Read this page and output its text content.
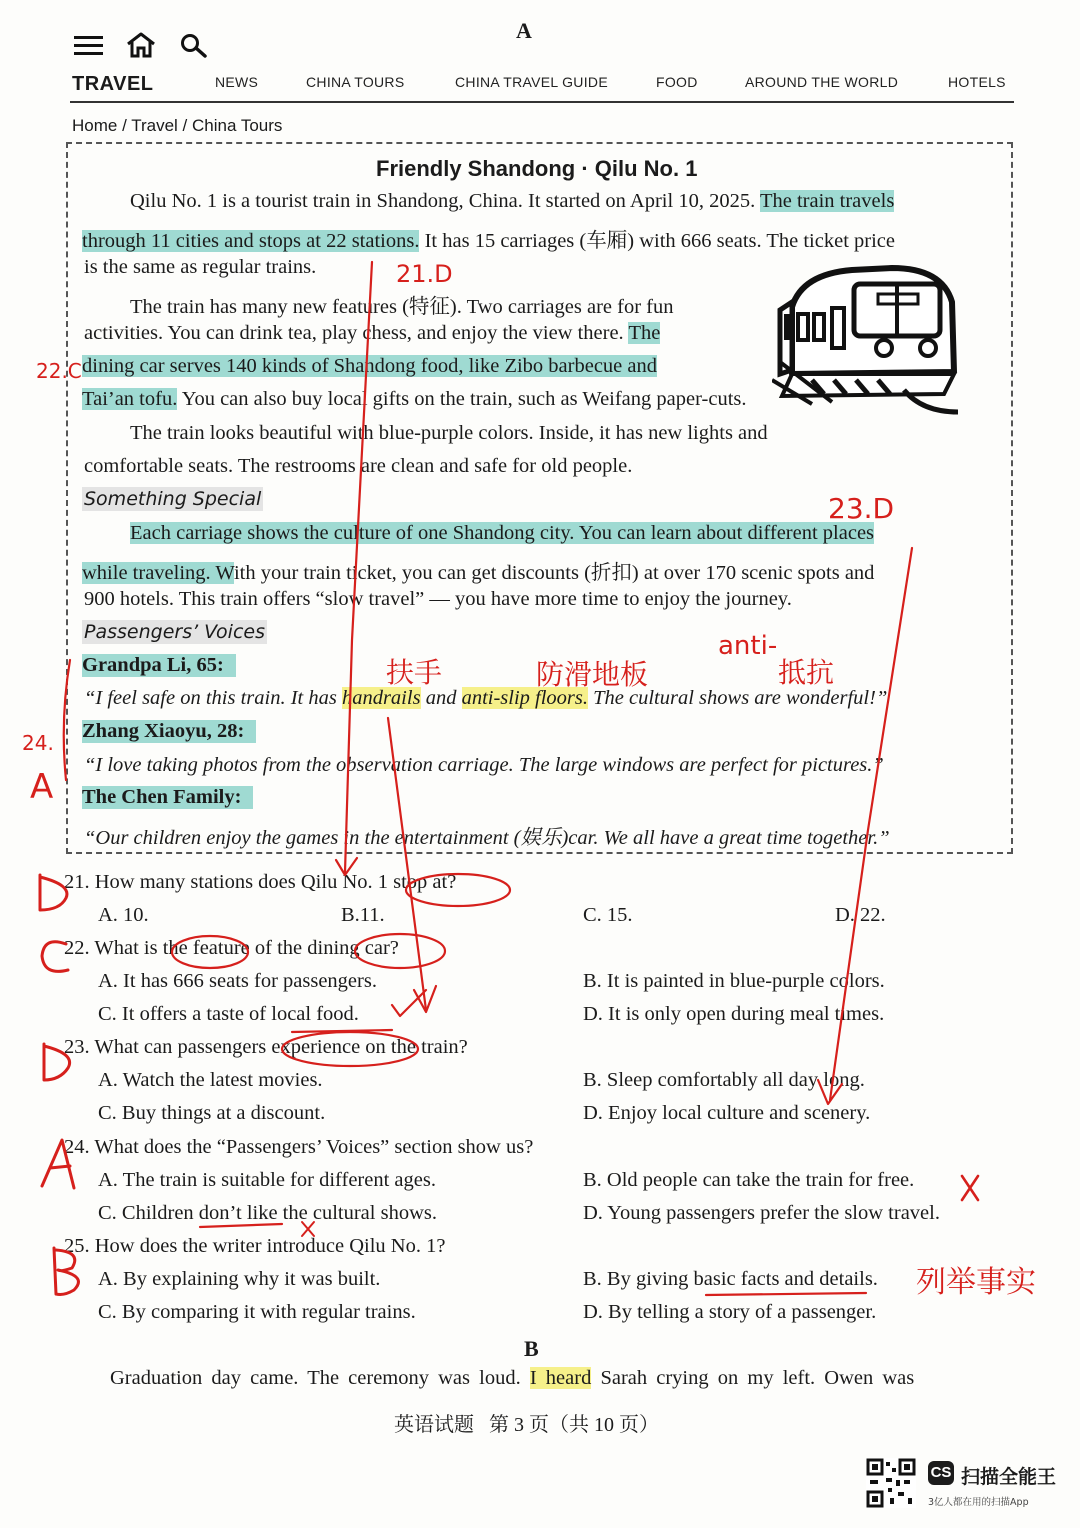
A
TRAVEL	NEWS	CHINA TOURS	CHINA TRAVEL GUIDE	FOOD	AROUND THE WORLD	HOTELS
Home / Travel / China Tours
Friendly Shandong · Qilu No. 1
Qilu No. 1 is a tourist train in Shandong, China. It started on April 10, 2025. The train travels
through 11 cities and stops at 22 stations. It has 15 carriages (车厢) with 666 seats. The ticket price
is the same as regular trains.
The train has many new features (特征). Two carriages are for fun
activities. You can drink tea, play chess, and enjoy the view there. The
dining car serves 140 kinds of Shandong food, like Zibo barbecue and
Tai’an tofu. You can also buy local gifts on the train, such as Weifang paper-cuts.
The train looks beautiful with blue-purple colors. Inside, it has new lights and
comfortable seats. The restrooms are clean and safe for old people.
Something Special
Each carriage shows the culture of one Shandong city. You can learn about different places
while traveling. With your train ticket, you can get discounts (折扣) at over 170 scenic spots and
900 hotels. This train offers “slow travel” — you have more time to enjoy the journey.
Passengers’ Voices
Grandpa Li, 65:
“I feel safe on this train. It has handrails and anti-slip floors. The cultural shows are wonderful!”
Zhang Xiaoyu, 28:
“I love taking photos from the observation carriage. The large windows are perfect for pictures.”
The Chen Family:
“Our children enjoy the games in the entertainment (娱乐)car. We all have a great time together.”
21. How many stations does Qilu No. 1 stop at?
A. 10.	B.11.	C. 15.	D. 22.
22. What is the feature of the dining car?
A. It has 666 seats for passengers.	B. It is painted in blue-purple colors.
C. It offers a taste of local food.	D. It is only open during meal times.
23. What can passengers experience on the train?
A. Watch the latest movies.	B. Sleep comfortably all day long.
C. Buy things at a discount.	D. Enjoy local culture and scenery.
24. What does the “Passengers’ Voices” section show us?
A. The train is suitable for different ages.	B. Old people can take the train for free.
C. Children don’t like the cultural shows.	D. Young passengers prefer the slow travel.
25. How does the writer introduce Qilu No. 1?
A. By explaining why it was built.	B. By giving basic facts and details.
C. By comparing it with regular trains.	D. By telling a story of a passenger.
B
Graduation day came. The ceremony was loud. I heard Sarah crying on my left. Owen was
英语试题   第 3 页（共 10 页）
CS 扫描全能王
3亿人都在用的扫描App
21.D
22.C
23.D
24.
A
扶手	防滑地板
anti-
抵抗
列举事实
